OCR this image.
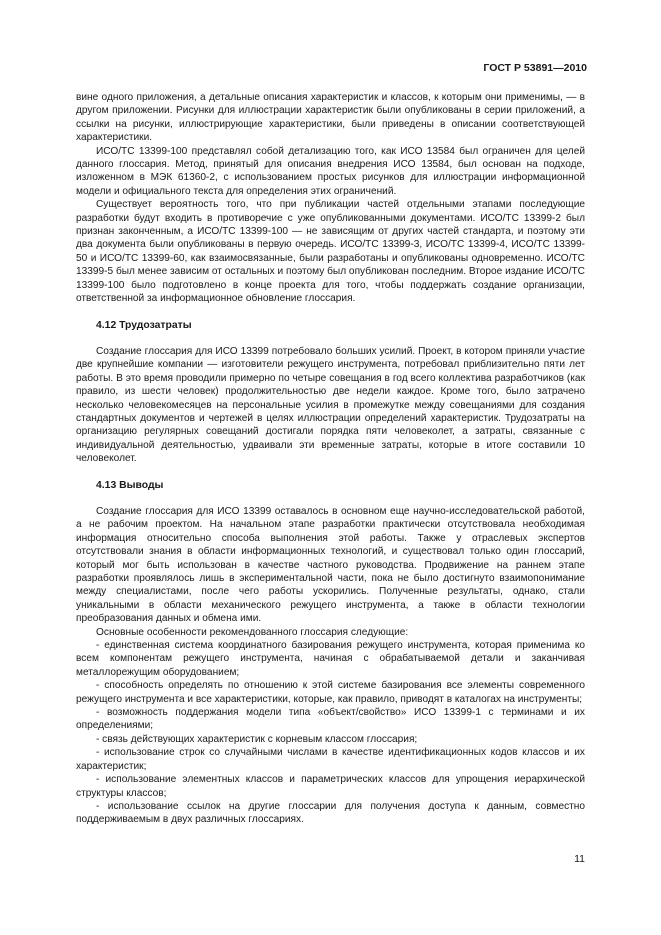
ГОСТ Р 53891—2010

вине одного приложения, а детальные описания характеристик и классов, к которым они применимы, — в другом приложении. Рисунки для иллюстрации характеристик были опубликованы в серии приложений, а ссылки на рисунки, иллюстрирующие характеристики, были приведены в описании соответствующей характеристики.

ИСО/ТС 13399-100 представлял собой детализацию того, как ИСО 13584 был ограничен для целей данного глоссария. Метод, принятый для описания внедрения ИСО 13584, был основан на подходе, изложенном в МЭК 61360-2, с использованием простых рисунков для иллюстрации информационной модели и официального текста для определения этих ограничений.

Существует вероятность того, что при публикации частей отдельными этапами последующие разработки будут входить в противоречие с уже опубликованными документами. ИСО/ТС 13399-2 был признан законченным, а ИСО/ТС 13399-100 — не зависящим от других частей стандарта, и поэтому эти два документа были опубликованы в первую очередь. ИСО/ТС 13399-3, ИСО/ТС 13399-4, ИСО/ТС 13399-50 и ИСО/ТС 13399-60, как взаимосвязанные, были разработаны и опубликованы одновременно. ИСО/ТС 13399-5 был менее зависим от остальных и поэтому был опубликован последним. Второе издание ИСО/ТС 13399-100 было подготовлено в конце проекта для того, чтобы поддержать создание организации, ответственной за информационное обновление глоссария.

4.12 Трудозатраты

Создание глоссария для ИСО 13399 потребовало больших усилий. Проект, в котором приняли участие две крупнейшие компании — изготовители режущего инструмента, потребовал приблизительно пяти лет работы. В это время проводили примерно по четыре совещания в год всего коллектива разработчиков (как правило, из шести человек) продолжительностью две недели каждое. Кроме того, было затрачено несколько человекомесяцев на персональные усилия в промежутке между совещаниями для создания стандартных документов и чертежей в целях иллюстрации определений характеристик. Трудозатраты на организацию регулярных совещаний достигали порядка пяти человеколет, а затраты, связанные с индивидуальной деятельностью, удваивали эти временные затраты, которые в итоге составили 10 человеколет.

4.13 Выводы

Создание глоссария для ИСО 13399 оставалось в основном еще научно-исследовательской работой, а не рабочим проектом. На начальном этапе разработки практически отсутствовала необходимая информация относительно способа выполнения этой работы. Также у отраслевых экспертов отсутствовали знания в области информационных технологий, и существовал только один глоссарий, который мог быть использован в качестве частного руководства. Продвижение на раннем этапе разработки проявлялось лишь в экспериментальной части, пока не было достигнуто взаимопонимание между специалистами, после чего работы ускорились. Полученные результаты, однако, стали уникальными в области механического режущего инструмента, а также в области технологии преобразования данных и обмена ими.

Основные особенности рекомендованного глоссария следующие:

- единственная система координатного базирования режущего инструмента, которая применима ко всем компонентам режущего инструмента, начиная с обрабатываемой детали и заканчивая металлорежущим оборудованием;

- способность определять по отношению к этой системе базирования все элементы современного режущего инструмента и все характеристики, которые, как правило, приводят в каталогах на инструменты;

- возможность поддержания модели типа «объект/свойство» ИСО 13399-1 с терминами и их определениями;

- связь действующих характеристик с корневым классом глоссария;

- использование строк со случайными числами в качестве идентификационных кодов классов и их характеристик;

- использование элементных классов и параметрических классов для упрощения иерархической структуры классов;

- использование ссылок на другие глоссарии для получения доступа к данным, совместно поддерживаемым в двух различных глоссариях.

11
